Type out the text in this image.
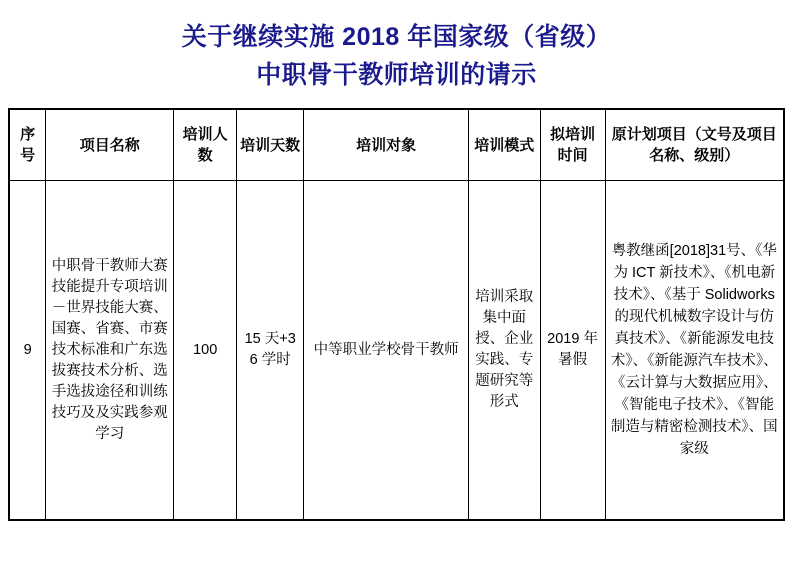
关于继续实施 2018 年国家级（省级）
中职骨干教师培训的请示
序号	项目名称	培训人数	培训天数	培训对象	培训模式	拟培训时间	原计划项目（文号及项目名称、级别）
9	中职骨干教师大赛技能提升专项培训－世界技能大赛、国赛、省赛、市赛技术标准和广东选拔赛技术分析、选手选拔途径和训练技巧及及实践参观学习	100	15 天+36 学时	中等职业学校骨干教师	培训采取集中面授、企业实践、专题研究等形式	2019 年暑假	粤教继函[2018]31号、《华为 ICT 新技术》、《机电新技术》、《基于 Solidworks 的现代机械数字设计与仿真技术》、《新能源发电技术》、《新能源汽车技术》、《云计算与大数据应用》、《智能电子技术》、《智能制造与精密检测技术》、国家级
